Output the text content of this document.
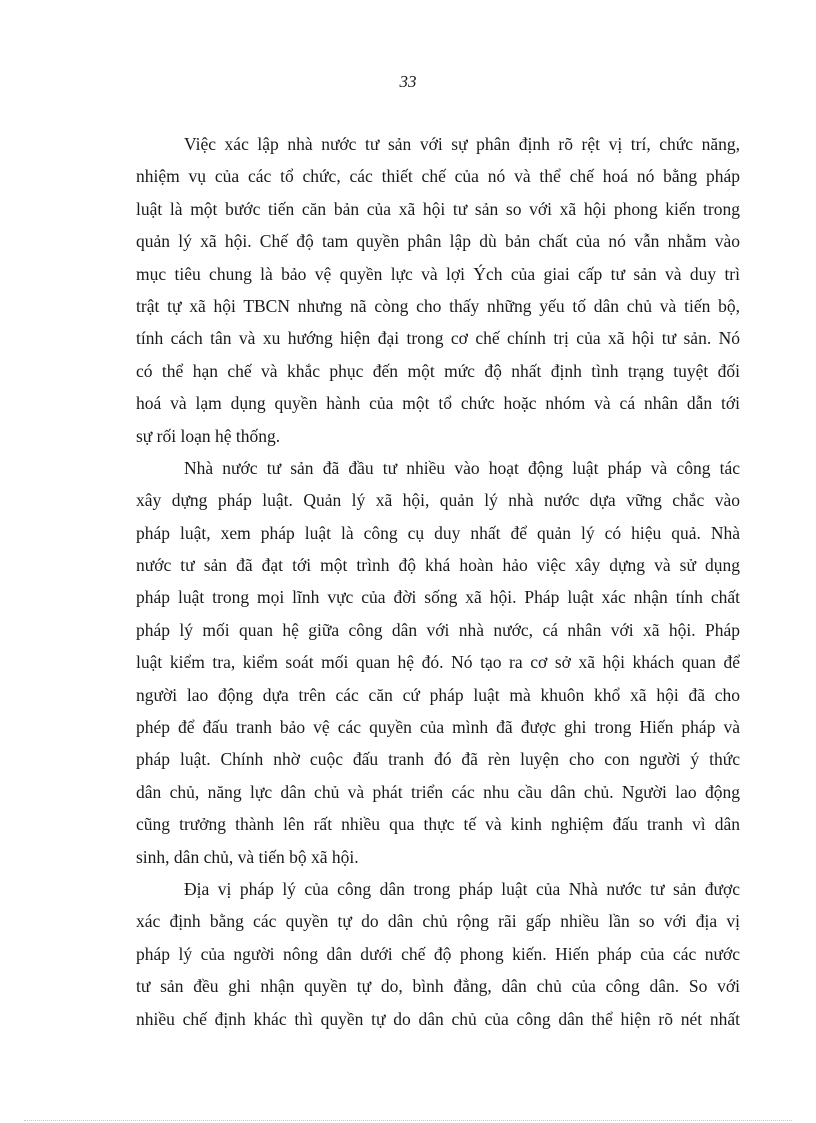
33
Việc xác lập nhà nước tư sản với sự phân định rõ rệt vị trí, chức năng,
nhiệm vụ của các tổ chức, các thiết chế của nó và thể chế hoá nó bằng pháp
luật là một bước tiến căn bản của xã hội tư sản so với xã hội phong kiến trong
quản lý xã hội. Chế độ tam quyền phân lập dù bản chất của nó vẫn nhằm vào
mục tiêu chung là bảo vệ quyền lực và lợi Ých của giai cấp tư sản và duy trì
trật tự xã hội TBCN nhưng nã còng cho thấy những yếu tố dân chủ và tiến bộ,
tính cách tân và xu hướng hiện đại trong cơ chế chính trị của xã hội tư sản. Nó
có thể hạn chế và khắc phục đến một mức độ nhất định tình trạng tuyệt đối
hoá và lạm dụng quyền hành của một tổ chức hoặc nhóm và cá nhân dẫn tới
sự rối loạn hệ thống.
Nhà nước tư sản đã đầu tư nhiều vào hoạt động luật pháp và công tác
xây dựng pháp luật. Quản lý xã hội, quản lý nhà nước dựa vững chắc vào
pháp luật, xem pháp luật là công cụ duy nhất để quản lý có hiệu quả. Nhà
nước tư sản đã đạt tới một trình độ khá hoàn hảo việc xây dựng và sử dụng
pháp luật trong mọi lĩnh vực của đời sống xã hội. Pháp luật xác nhận tính chất
pháp lý mối quan hệ giữa công dân với nhà nước, cá nhân với xã hội. Pháp
luật kiểm tra, kiểm soát mối quan hệ đó. Nó tạo ra cơ sở xã hội khách quan để
người lao động dựa trên các căn cứ pháp luật mà khuôn khổ xã hội đã cho
phép để đấu tranh bảo vệ các quyền của mình đã được ghi trong Hiến pháp và
pháp luật. Chính nhờ cuộc đấu tranh đó đã rèn luyện cho con người ý thức
dân chủ, năng lực dân chủ và phát triển các nhu cầu dân chủ. Người lao động
cũng trưởng thành lên rất nhiều qua thực tế và kinh nghiệm đấu tranh vì dân
sinh, dân chủ, và tiến bộ xã hội.
Địa vị pháp lý của công dân trong pháp luật của Nhà nước tư sản được
xác định bằng các quyền tự do dân chủ rộng rãi gấp nhiều lần so với địa vị
pháp lý của người nông dân dưới chế độ phong kiến. Hiến pháp của các nước
tư sản đều ghi nhận quyền tự do, bình đẳng, dân chủ của công dân. So với
nhiều chế định khác thì quyền tự do dân chủ của công dân thể hiện rõ nét nhất
